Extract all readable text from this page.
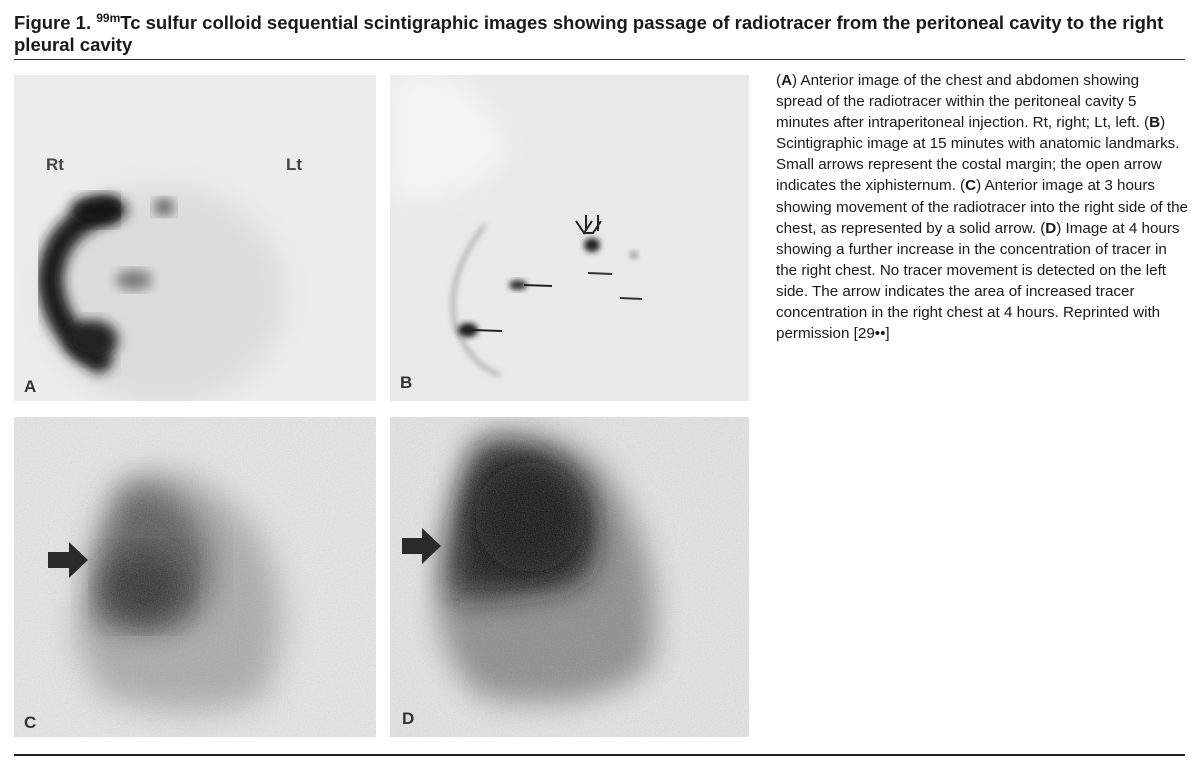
Figure 1. $^{99m}$Tc sulfur colloid sequential scintigraphic images showing passage of radiotracer from the peritoneal cavity to the right pleural cavity
Rt	Lt
A	B
C	D
(A) Anterior image of the chest and abdomen showing spread of the radiotracer within the peritoneal cavity 5 minutes after intraperitoneal injection. Rt, right; Lt, left. (B) Scintigraphic image at 15 minutes with anatomic landmarks. Small arrows represent the costal margin; the open arrow indicates the xiphisternum. (C) Anterior image at 3 hours showing movement of the radiotracer into the right side of the chest, as represented by a solid arrow. (D) Image at 4 hours showing a further increase in the concentration of tracer in the right chest. No tracer movement is detected on the left side. The arrow indicates the area of increased tracer concentration in the right chest at 4 hours. Reprinted with permission [29••]
